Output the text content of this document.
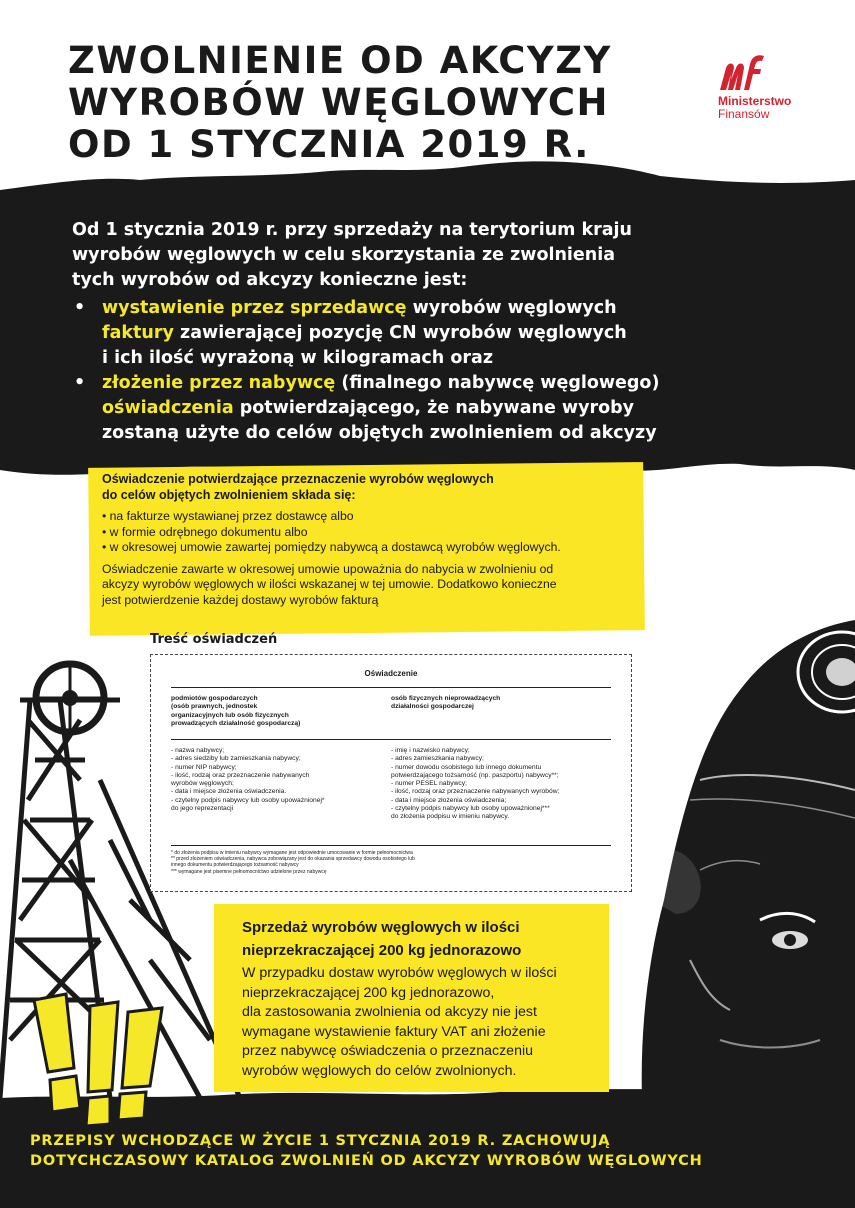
ZWOLNIENIE OD AKCYZY
WYROBÓW WĘGLOWYCH
OD 1 STYCZNIA 2019 R.
Ministerstwo
Finansów

Od 1 stycznia 2019 r. przy sprzedaży na terytorium kraju

wyrobów węglowych w celu skorzystania ze zwolnienia

tych wyrobów od akcyzy konieczne jest:

• wystawienie przez sprzedawcę wyrobów węglowych

faktury zawierającej pozycję CN wyrobów węglowych

i ich ilość wyrażoną w kilogramach oraz

• złożenie przez nabywcę (finalnego nabywcę węglowego)

oświadczenia potwierdzającego, że nabywane wyroby

zostaną użyte do celów objętych zwolnieniem od akcyzy

Oświadczenie potwierdzające przeznaczenie wyrobów węglowych
do celów objętych zwolnieniem składa się:
• na fakturze wystawianej przez dostawcę albo
• w formie odrębnego dokumentu albo
• w okresowej umowie zawartej pomiędzy nabywcą a dostawcą wyrobów węglowych.
Oświadczenie zawarte w okresowej umowie upoważnia do nabycia w zwolnieniu od
akcyzy wyrobów węglowych w ilości wskazanej w tej umowie. Dodatkowo konieczne
jest potwierdzenie każdej dostawy wyrobów fakturą
Treść oświadczeń
Oświadczenie
podmiotów gospodarczych
(osób prawnych, jednostek
organizacyjnych lub osób fizycznych
prowadzących działalność gospodarczą)
osób fizycznych nieprowadzących
działalności gospodarczej
- nazwa nabywcy;
- adres siedziby lub zamieszkania nabywcy;
- numer NIP nabywcy;
- ilość, rodzaj oraz przeznaczenie nabywanych
wyrobów węglowych;
- data i miejsce złożenia oświadczenia.
- czytelny podpis nabywcy lub osoby upoważnionej*
do jego reprezentacji
- imię i nazwisko nabywcy;
- adres zamieszkania nabywcy;
- numer dowodu osobistego lub innego dokumentu
potwierdzającego tożsamość (np. paszportu) nabywcy**;
- numer PESEL nabywcy;
- ilość, rodzaj oraz przeznaczenie nabywanych wyrobów;
- data i miejsce złożenia oświadczenia;
- czytelny podpis nabywcy lub osoby upoważnionej***
do złożenia podpisu w imieniu nabywcy.
* do złożenia podpisu w imieniu nabywcy wymagane jest odpowiednie umocowanie w formie pełnomocnictwa
** przed złożeniem oświadczenia, nabywca zobowiązany jest do okazania sprzedawcy dowodu osobistego lub
innego dokumentu potwierdzającego tożsamość nabywcy
*** wymagane jest pisemne pełnomocnictwo udzielone przez nabywcę
Sprzedaż wyrobów węglowych w ilości
nieprzekraczającej 200 kg jednorazowo
W przypadku dostaw wyrobów węglowych w ilości
nieprzekraczającej 200 kg jednorazowo,
dla zastosowania zwolnienia od akcyzy nie jest
wymagane wystawienie faktury VAT ani złożenie
przez nabywcę oświadczenia o przeznaczeniu
wyrobów węglowych do celów zwolnionych.
PRZEPISY WCHODZĄCE W ŻYCIE 1 STYCZNIA 2019 R. ZACHOWUJĄ
DOTYCHCZASOWY KATALOG ZWOLNIEŃ OD AKCYZY WYROBÓW WĘGLOWYCH
